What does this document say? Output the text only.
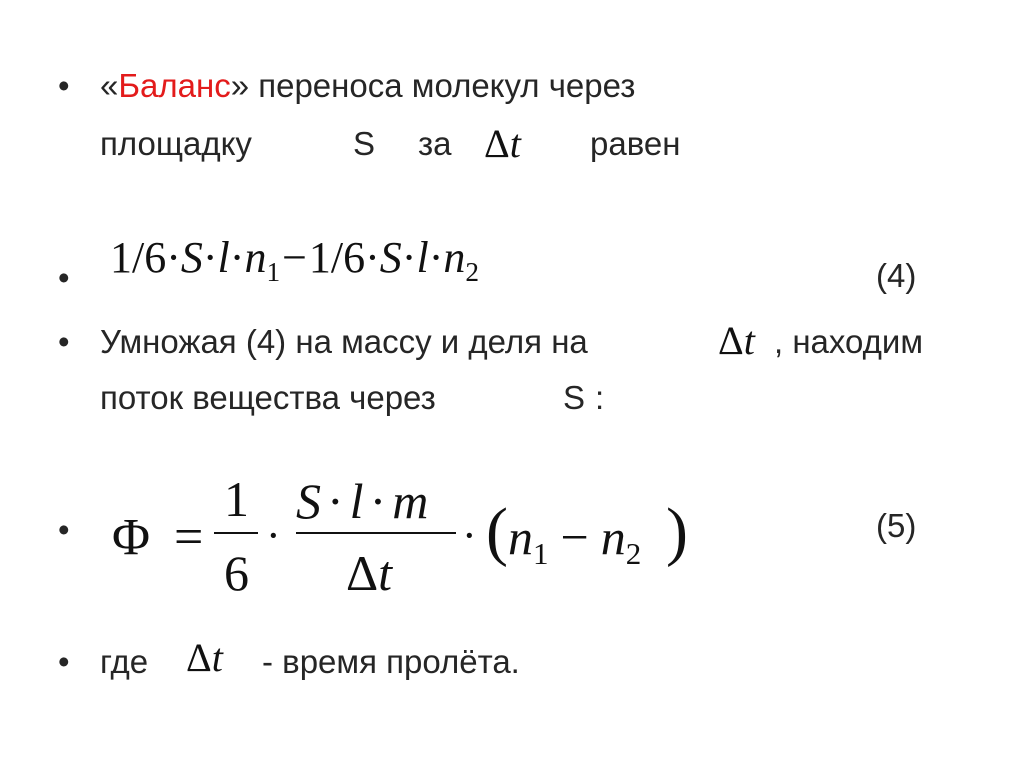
• «Баланс» переноса молекул через
площадку	S за Δt равен
• 1/6·S·l·n1−1/6·S·l·n2	(4)
• Умножая (4) на массу и деля на	Δt , находим
поток вещества через	S :
• Φ =
1
6
·
S · l · m
Δt
· ( n1 − n2 )	(5)
• где Δt - время пролёта.
